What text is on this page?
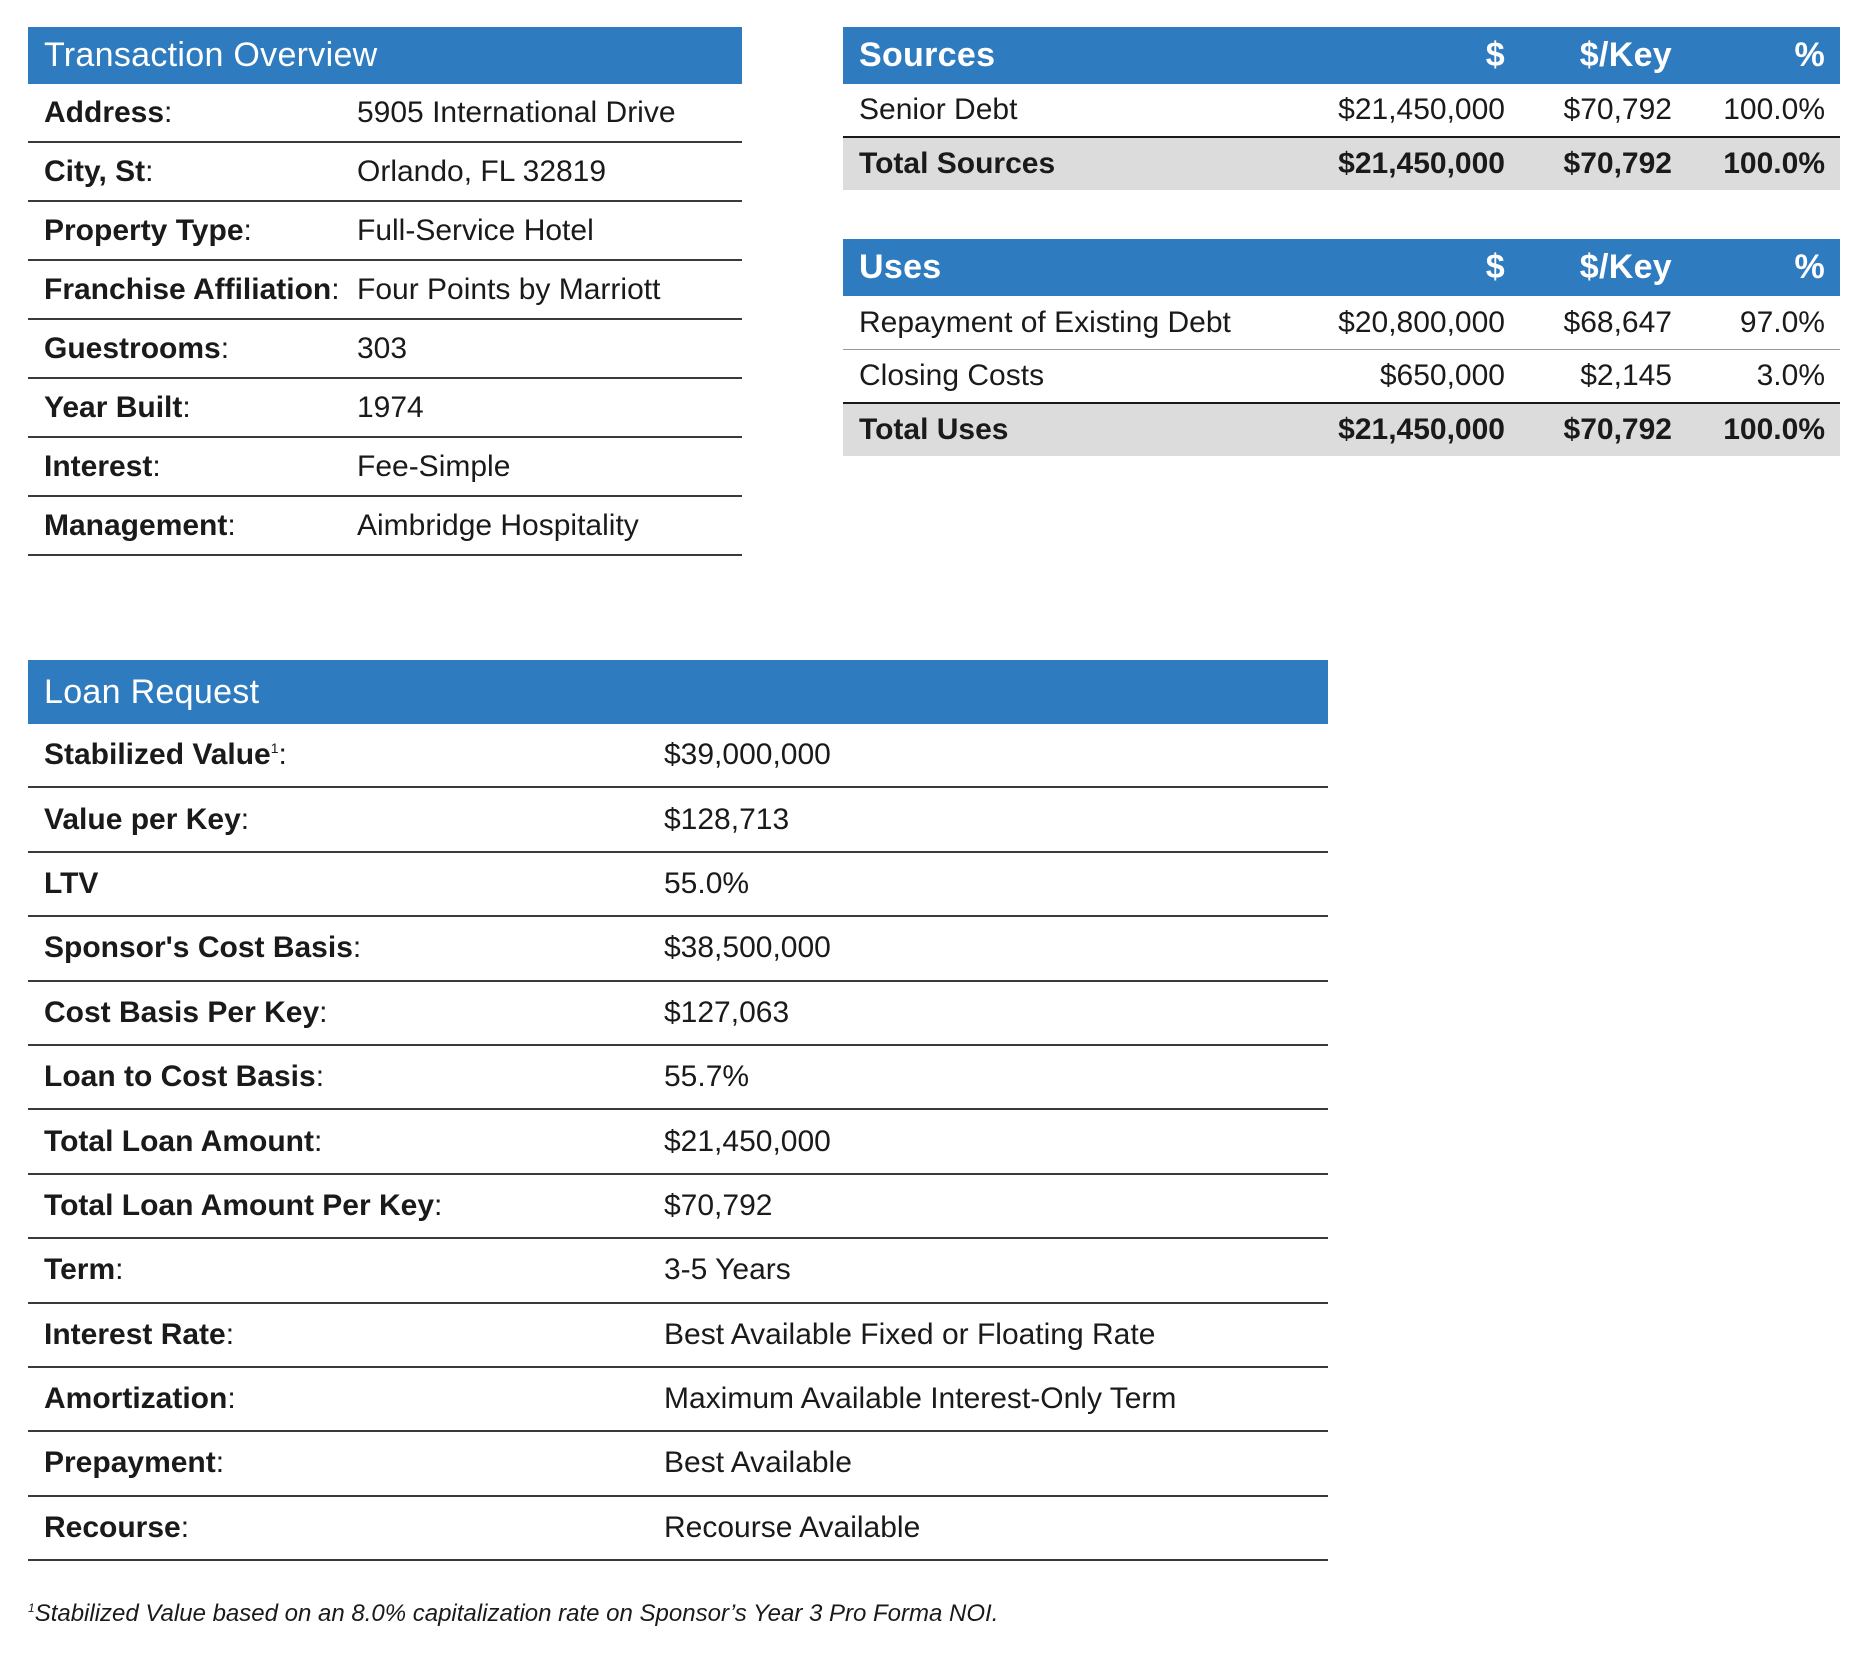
Transaction Overview
Address:	5905 International Drive
City, St:	Orlando, FL 32819
Property Type:	Full-Service Hotel
Franchise Affiliation: Four Points by Marriott
Guestrooms:	303
Year Built:	1974
Interest:	Fee-Simple
Management:	Aimbridge Hospitality
Sources	$	$/Key	%
Senior Debt	$21,450,000	$70,792	100.0%
Total Sources	$21,450,000	$70,792	100.0%
Uses	$	$/Key	%
Repayment of Existing Debt	$20,800,000	$68,647	97.0%
Closing Costs	$650,000	$2,145	3.0%
Total Uses	$21,450,000	$70,792	100.0%
Loan Request
Stabilized Value$^1$:	$39,000,000
Value per Key:	$128,713
LTV	55.0%
Sponsor's Cost Basis:	$38,500,000
Cost Basis Per Key:	$127,063
Loan to Cost Basis:	55.7%
Total Loan Amount:	$21,450,000
Total Loan Amount Per Key:	$70,792
Term:	3-5 Years
Interest Rate:	Best Available Fixed or Floating Rate
Amortization:	Maximum Available Interest-Only Term
Prepayment:	Best Available
Recourse:	Recourse Available
$^1$Stabilized Value based on an 8.0% capitalization rate on Sponsor’s Year 3 Pro Forma NOI.
